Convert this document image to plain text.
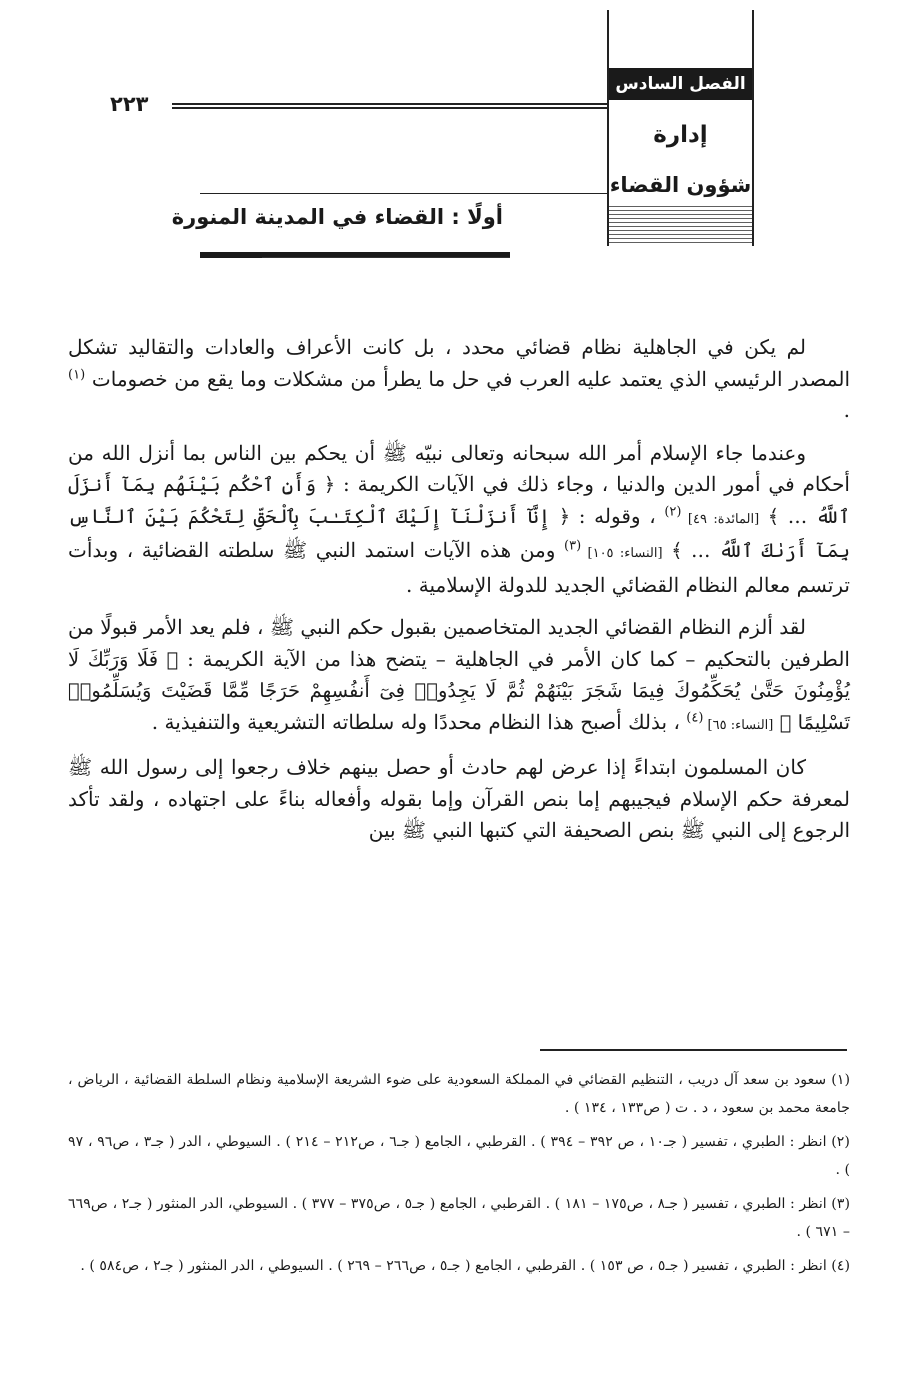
الفصل السادس
إدارة
شؤون القضاء
٢٢٣
أولًا : القضاء في المدينة المنورة

لم يكن في الجاهلية نظام قضائي محدد ، بل كانت الأعراف والعادات والتقاليد تشكل المصدر الرئيسي الذي يعتمد عليه العرب في حل ما يطرأ من مشكلات وما يقع من خصومات $^{(١)}$ .

وعندما جاء الإسلام أمر الله سبحانه وتعالى نبيّه ﷺ أن يحكم بين الناس بما أنزل الله من أحكام في أمور الدين والدنيا ، وجاء ذلك في الآيات الكريمة : ﴿ وَأَنِ ٱحْكُم بَيْنَهُم بِمَآ أَنزَلَ ٱللَّهُ … ﴾ [المائدة: ٤٩] $^{(٢)}$ ، وقوله : ﴿ إِنَّآ أَنزَلْنَآ إِلَيْكَ ٱلْكِتَـٰبَ بِٱلْحَقِّ لِتَحْكُمَ بَيْنَ ٱلنَّاسِ بِمَآ أَرَىٰكَ ٱللَّهُ … ﴾ [النساء: ١٠٥] $^{(٣)}$ ومن هذه الآيات استمد النبي ﷺ سلطته القضائية ، وبدأت ترتسم معالم النظام القضائي الجديد للدولة الإسلامية .

لقد ألزم النظام القضائي الجديد المتخاصمين بقبول حكم النبي ﷺ ، فلم يعد الأمر قبولًا من الطرفين بالتحكيم – كما كان الأمر في الجاهلية – يتضح هذا من الآية الكريمة : ﴿ فَلَا وَرَبِّكَ لَا يُؤْمِنُونَ حَتَّىٰ يُحَكِّمُوكَ فِيمَا شَجَرَ بَيْنَهُمْ ثُمَّ لَا يَجِدُوا۟ فِىٓ أَنفُسِهِمْ حَرَجًا مِّمَّا قَضَيْتَ وَيُسَلِّمُوا۟ تَسْلِيمًا ﴾ [النساء: ٦٥] $^{(٤)}$ ، بذلك أصبح هذا النظام محددًا وله سلطاته التشريعية والتنفيذية .

كان المسلمون ابتداءً إذا عرض لهم حادث أو حصل بينهم خلاف رجعوا إلى رسول الله ﷺ لمعرفة حكم الإسلام فيجيبهم إما بنص القرآن وإما بقوله وأفعاله بناءً على اجتهاده ، ولقد تأكد الرجوع إلى النبي ﷺ بنص الصحيفة التي كتبها النبي ﷺ بين

(١) سعود بن سعد آل دريب ، التنظيم القضائي في المملكة السعودية على ضوء الشريعة الإسلامية ونظام السلطة القضائية ، الرياض ، جامعة محمد بن سعود ، د . ت ( ص١٣٣ ، ١٣٤ ) .

(٢) انظر : الطبري ، تفسير ( جـ١٠ ، ص ٣٩٢ – ٣٩٤ ) . القرطبي ، الجامع ( جـ٦ ، ص٢١٢ – ٢١٤ ) . السيوطي ، الدر ( جـ٣ ، ص٩٦ ، ٩٧ ) .

(٣) انظر : الطبري ، تفسير ( جـ٨ ، ص١٧٥ – ١٨١ ) . القرطبي ، الجامع ( جـ٥ ، ص٣٧٥ – ٣٧٧ ) . السيوطي، الدر المنثور ( جـ٢ ، ص٦٦٩ – ٦٧١ ) .

(٤) انظر : الطبري ، تفسير ( جـ٥ ، ص ١٥٣ ) . القرطبي ، الجامع ( جـ٥ ، ص٢٦٦ – ٢٦٩ ) . السيوطي ، الدر المنثور ( جـ٢ ، ص٥٨٤ ) .
